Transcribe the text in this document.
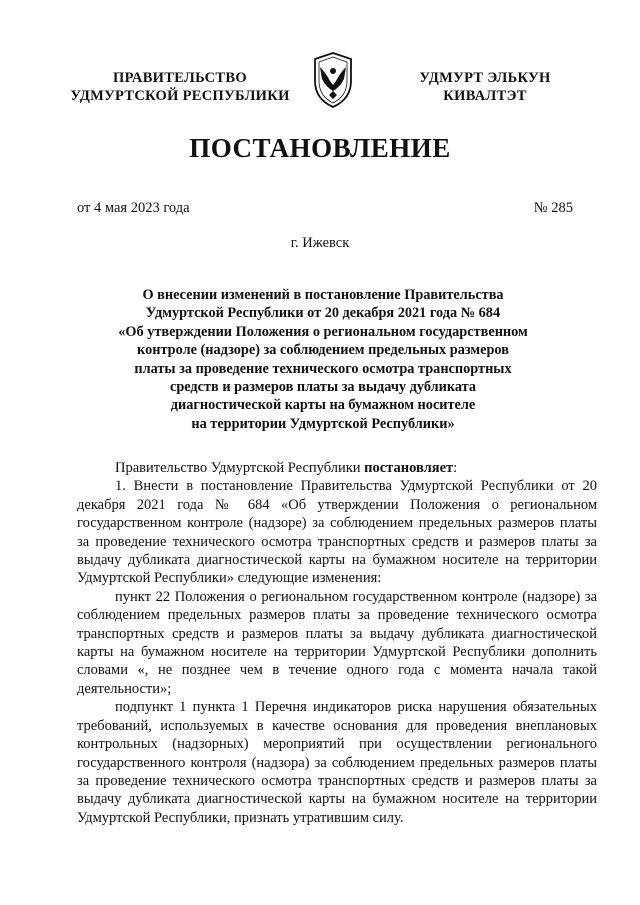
ПРАВИТЕЛЬСТВО
УДМУРТСКОЙ РЕСПУБЛИКИ
УДМУРТ ЭЛЬКУН
КИВАЛТЭТ
ПОСТАНОВЛЕНИЕ
от 4 мая 2023 года	№ 285
г. Ижевск
О внесении изменений в постановление Правительства
Удмуртской Республики от 20 декабря 2021 года № 684
«Об утверждении Положения о региональном государственном
контроле (надзоре) за соблюдением предельных размеров
платы за проведение технического осмотра транспортных
средств и размеров платы за выдачу дубликата
диагностической карты на бумажном носителе
на территории Удмуртской Республики»

Правительство Удмуртской Республики постановляет:

1. Внести в постановление Правительства Удмуртской Республики от 20 декабря 2021 года № 684 «Об утверждении Положения о региональном государственном контроле (надзоре) за соблюдением предельных размеров платы за проведение технического осмотра транспортных средств и размеров платы за выдачу дубликата диагностической карты на бумажном носителе на территории Удмуртской Республики» следующие изменения:

пункт 22 Положения о региональном государственном контроле (надзоре) за соблюдением предельных размеров платы за проведение технического осмотра транспортных средств и размеров платы за выдачу дубликата диагностической карты на бумажном носителе на территории Удмуртской Республики дополнить словами «, не позднее чем в течение одного года с момента начала такой деятельности»;

подпункт 1 пункта 1 Перечня индикаторов риска нарушения обязательных требований, используемых в качестве основания для проведения внеплановых контрольных (надзорных) мероприятий при осуществлении регионального государственного контроля (надзора) за соблюдением предельных размеров платы за проведение технического осмотра транспортных средств и размеров платы за выдачу дубликата диагностической карты на бумажном носителе на территории Удмуртской Республики, признать утратившим силу.
